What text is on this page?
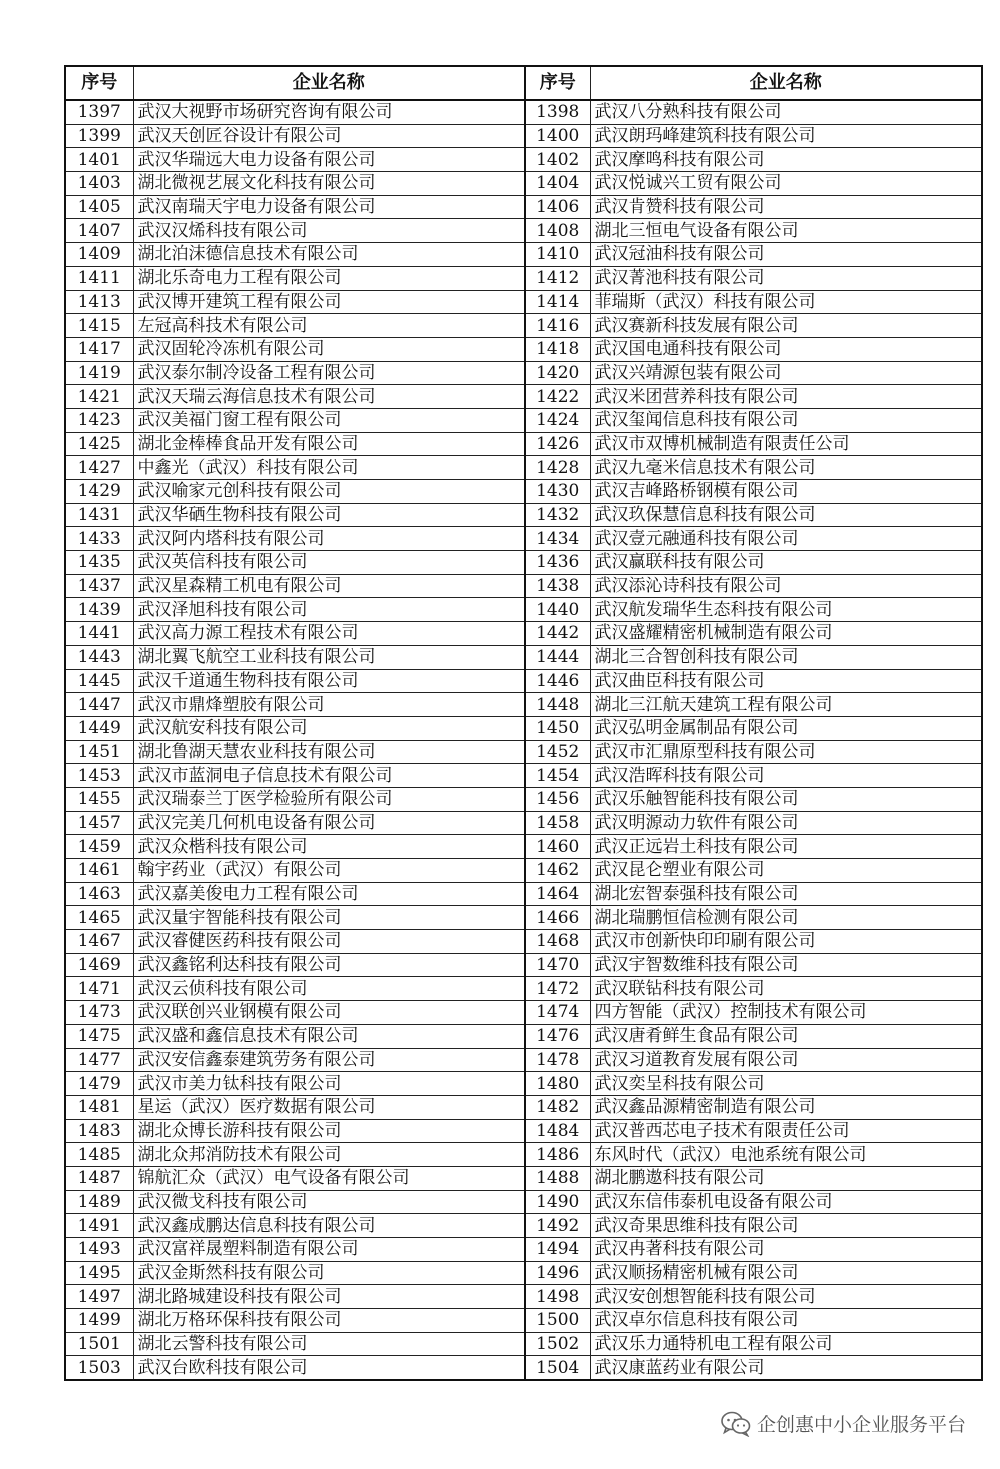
序号	企业名称	序号	企业名称
1397	武汉大视野市场研究咨询有限公司	1398	武汉八分熟科技有限公司
1399	武汉天创匠谷设计有限公司	1400	武汉朗玛峰建筑科技有限公司
1401	武汉华瑞远大电力设备有限公司	1402	武汉摩鸣科技有限公司
1403	湖北微视艺展文化科技有限公司	1404	武汉悦诚兴工贸有限公司
1405	武汉南瑞天宇电力设备有限公司	1406	武汉肯赞科技有限公司
1407	武汉汉烯科技有限公司	1408	湖北三恒电气设备有限公司
1409	湖北泊沫德信息技术有限公司	1410	武汉冠油科技有限公司
1411	湖北乐奇电力工程有限公司	1412	武汉菁池科技有限公司
1413	武汉博开建筑工程有限公司	1414	菲瑞斯（武汉）科技有限公司
1415	左冠高科技术有限公司	1416	武汉赛新科技发展有限公司
1417	武汉固轮冷冻机有限公司	1418	武汉国电通科技有限公司
1419	武汉泰尔制冷设备工程有限公司	1420	武汉兴靖源包装有限公司
1421	武汉天瑞云海信息技术有限公司	1422	武汉米团营养科技有限公司
1423	武汉美福门窗工程有限公司	1424	武汉玺闻信息科技有限公司
1425	湖北金棒棒食品开发有限公司	1426	武汉市双博机械制造有限责任公司
1427	中鑫光（武汉）科技有限公司	1428	武汉九毫米信息技术有限公司
1429	武汉喻家元创科技有限公司	1430	武汉吉峰路桥钢模有限公司
1431	武汉华硒生物科技有限公司	1432	武汉玖保慧信息科技有限公司
1433	武汉阿内塔科技有限公司	1434	武汉壹元融通科技有限公司
1435	武汉英信科技有限公司	1436	武汉赢联科技有限公司
1437	武汉星森精工机电有限公司	1438	武汉添沁诗科技有限公司
1439	武汉泽旭科技有限公司	1440	武汉航发瑞华生态科技有限公司
1441	武汉高力源工程技术有限公司	1442	武汉盛耀精密机械制造有限公司
1443	湖北翼飞航空工业科技有限公司	1444	湖北三合智创科技有限公司
1445	武汉千道通生物科技有限公司	1446	武汉曲臣科技有限公司
1447	武汉市鼎烽塑胶有限公司	1448	湖北三江航天建筑工程有限公司
1449	武汉航安科技有限公司	1450	武汉弘明金属制品有限公司
1451	湖北鲁湖天慧农业科技有限公司	1452	武汉市汇鼎原型科技有限公司
1453	武汉市蓝洞电子信息技术有限公司	1454	武汉浩晖科技有限公司
1455	武汉瑞泰兰丁医学检验所有限公司	1456	武汉乐触智能科技有限公司
1457	武汉完美几何机电设备有限公司	1458	武汉明源动力软件有限公司
1459	武汉众楷科技有限公司	1460	武汉正远岩土科技有限公司
1461	翰宇药业（武汉）有限公司	1462	武汉昆仑塑业有限公司
1463	武汉嘉美俊电力工程有限公司	1464	湖北宏智泰强科技有限公司
1465	武汉量宇智能科技有限公司	1466	湖北瑞鹏恒信检测有限公司
1467	武汉睿健医药科技有限公司	1468	武汉市创新快印印刷有限公司
1469	武汉鑫铭利达科技有限公司	1470	武汉宇智数维科技有限公司
1471	武汉云侦科技有限公司	1472	武汉联钻科技有限公司
1473	武汉联创兴业钢模有限公司	1474	四方智能（武汉）控制技术有限公司
1475	武汉盛和鑫信息技术有限公司	1476	武汉唐肴鲜生食品有限公司
1477	武汉安信鑫泰建筑劳务有限公司	1478	武汉习道教育发展有限公司
1479	武汉市美力钛科技有限公司	1480	武汉奕呈科技有限公司
1481	星运（武汉）医疗数据有限公司	1482	武汉鑫品源精密制造有限公司
1483	湖北众博长游科技有限公司	1484	武汉普西芯电子技术有限责任公司
1485	湖北众邦消防技术有限公司	1486	东风时代（武汉）电池系统有限公司
1487	锦航汇众（武汉）电气设备有限公司	1488	湖北鹏遨科技有限公司
1489	武汉微戈科技有限公司	1490	武汉东信伟泰机电设备有限公司
1491	武汉鑫成鹏达信息科技有限公司	1492	武汉奇果思维科技有限公司
1493	武汉富祥晟塑料制造有限公司	1494	武汉冉著科技有限公司
1495	武汉金斯然科技有限公司	1496	武汉顺扬精密机械有限公司
1497	湖北路城建设科技有限公司	1498	武汉安创想智能科技有限公司
1499	湖北万格环保科技有限公司	1500	武汉卓尔信息科技有限公司
1501	湖北云警科技有限公司	1502	武汉乐力通特机电工程有限公司
1503	武汉台欧科技有限公司	1504	武汉康蓝药业有限公司
企创惠中小企业服务平台
